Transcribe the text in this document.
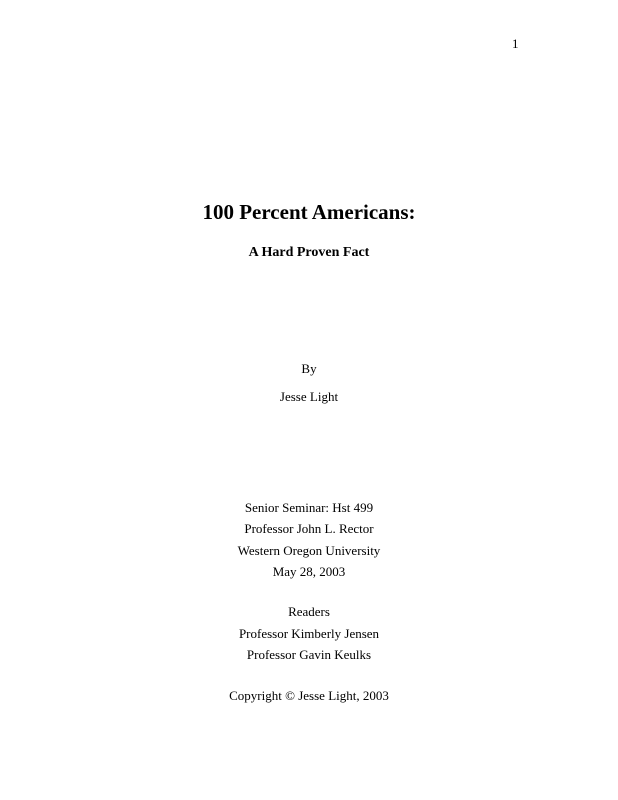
1
100 Percent Americans:
A Hard Proven Fact
By
Jesse Light
Senior Seminar: Hst 499
Professor John L. Rector
Western Oregon University
May 28, 2003
Readers
Professor Kimberly Jensen
Professor Gavin Keulks
Copyright © Jesse Light, 2003
